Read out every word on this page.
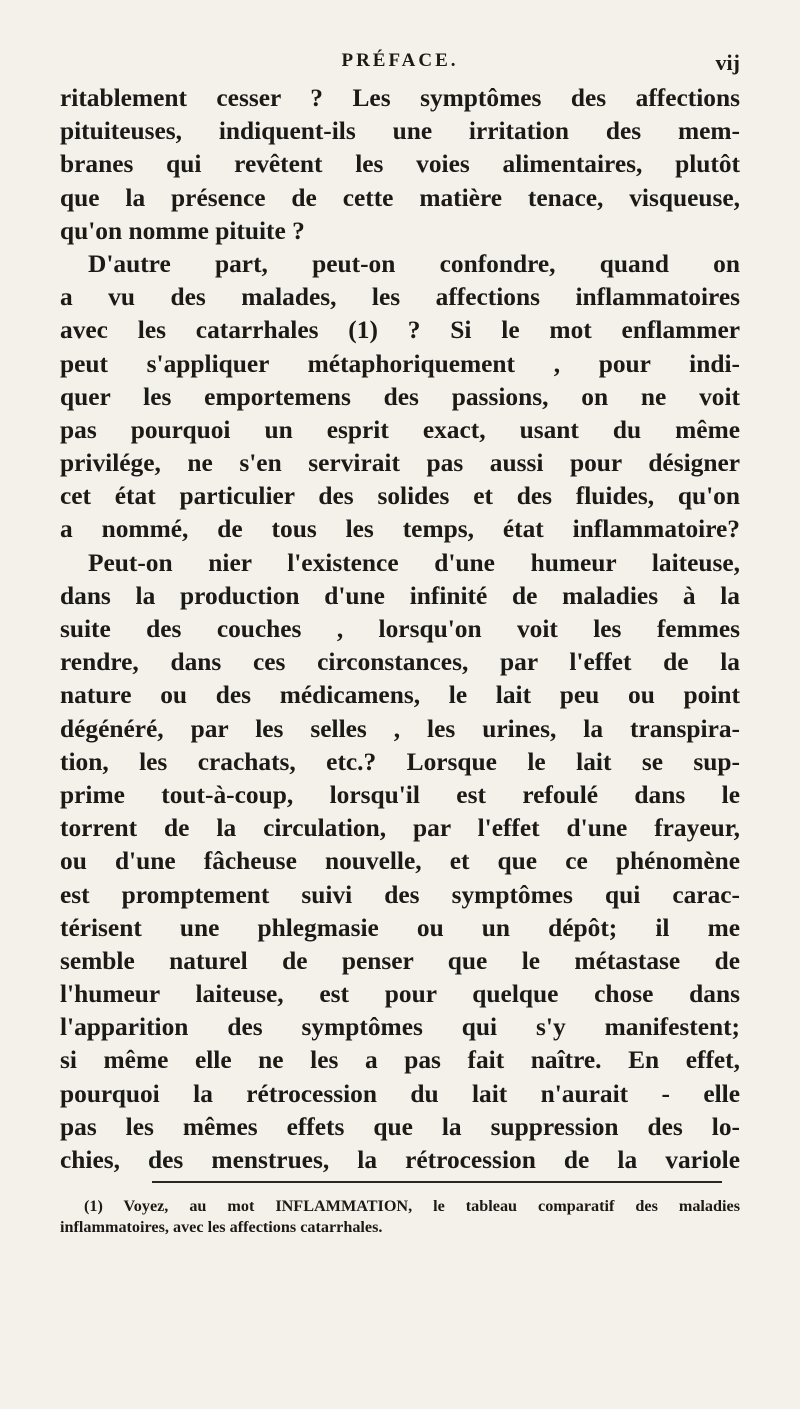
PRÉFACE.	vij
ritablement cesser ? Les symptômes des affections
pituiteuses, indiquent-ils une irritation des mem-
branes qui revêtent les voies alimentaires, plutôt
que la présence de cette matière tenace, visqueuse,
qu'on nomme pituite ?
D'autre part, peut-on confondre, quand on
a vu des malades, les affections inflammatoires
avec les catarrhales (1) ? Si le mot enflammer
peut s'appliquer métaphoriquement , pour indi-
quer les emportemens des passions, on ne voit
pas pourquoi un esprit exact, usant du même
privilége, ne s'en servirait pas aussi pour désigner
cet état particulier des solides et des fluides, qu'on
a nommé, de tous les temps, état inflammatoire?
Peut-on nier l'existence d'une humeur laiteuse,
dans la production d'une infinité de maladies à la
suite des couches , lorsqu'on voit les femmes
rendre, dans ces circonstances, par l'effet de la
nature ou des médicamens, le lait peu ou point
dégénéré, par les selles , les urines, la transpira-
tion, les crachats, etc.? Lorsque le lait se sup-
prime tout-à-coup, lorsqu'il est refoulé dans le
torrent de la circulation, par l'effet d'une frayeur,
ou d'une fâcheuse nouvelle, et que ce phénomène
est promptement suivi des symptômes qui carac-
térisent une phlegmasie ou un dépôt; il me
semble naturel de penser que le métastase de
l'humeur laiteuse, est pour quelque chose dans
l'apparition des symptômes qui s'y manifestent;
si même elle ne les a pas fait naître. En effet,
pourquoi la rétrocession du lait n'aurait - elle
pas les mêmes effets que la suppression des lo-
chies, des menstrues, la rétrocession de la variole
(1) Voyez, au mot INFLAMMATION, le tableau comparatif des maladies
inflammatoires, avec les affections catarrhales.
